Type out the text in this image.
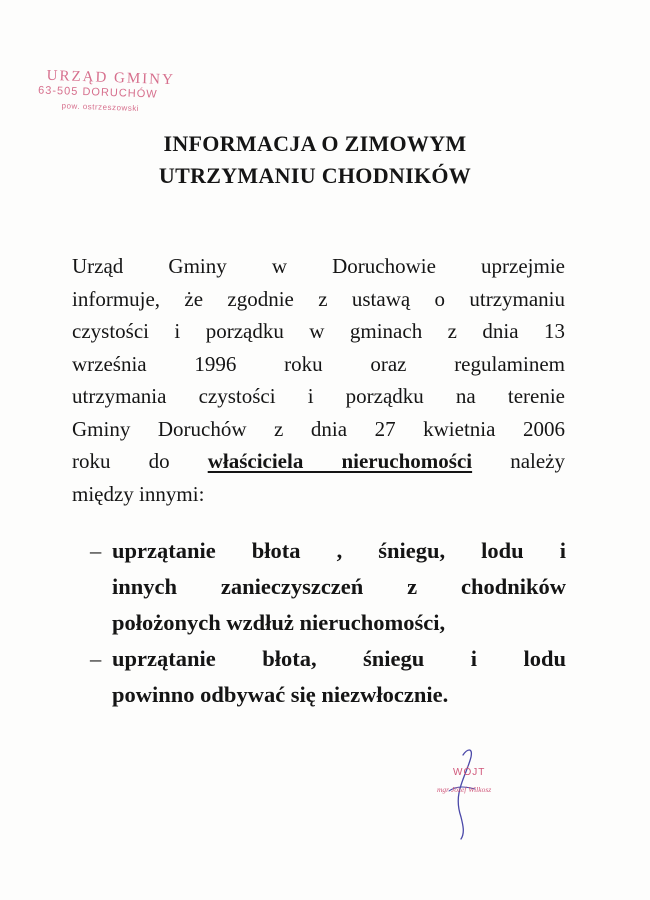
URZĄD GMINY
63-505 DORUCHÓW
pow. ostrzeszowski
INFORMACJA O ZIMOWYM
UTRZYMANIU CHODNIKÓW
Urząd Gminy w Doruchowie uprzejmie
informuje, że zgodnie z ustawą o utrzymaniu
czystości i porządku w gminach z dnia 13
września 1996 roku oraz regulaminem
utrzymania czystości i porządku na terenie
Gminy Doruchów z dnia 27 kwietnia 2006
roku do właściciela nieruchomości należy
między innymi:
– uprzątanie błota , śniegu, lodu i
innych zanieczyszczeń z chodników
położonych wzdłuż nieruchomości,
– uprzątanie błota, śniegu i lodu
powinno odbywać się niezwłocznie.
WÓJT
mgr Józef Wilkosz
